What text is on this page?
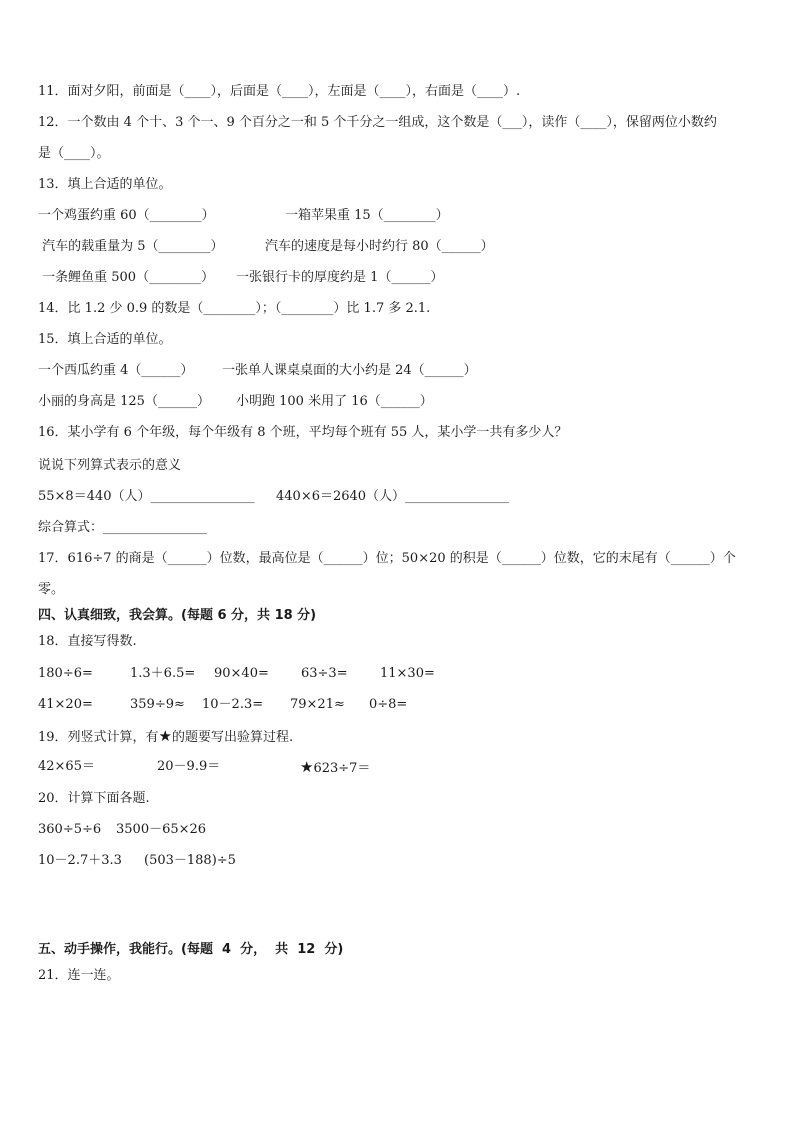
11．面对夕阳，前面是（____），后面是（____），左面是（____），右面是（____）.
12．一个数由 4 个十、3 个一、9 个百分之一和 5 个千分之一组成，这个数是（___），读作（____），保留两位小数约
是（____）。
13．填上合适的单位。
一个鸡蛋约重 60（________）	一箱苹果重 15（________）
汽车的载重量为 5（________）	汽车的速度是每小时约行 80（______）
一条鲤鱼重 500（________） 一张银行卡的厚度约是 1（______）
14．比 1.2 少 0.9 的数是（________）；（________）比 1.7 多 2.1.
15．填上合适的单位。
一个西瓜约重 4（______） 一张单人课桌桌面的大小约是 24（______）
小丽的身高是 125（______） 小明跑 100 米用了 16（______）
16．某小学有 6 个年级，每个年级有 8 个班，平均每个班有 55 人，某小学一共有多少人？
说说下列算式表示的意义
55×8＝440（人）________________ 440×6＝2640（人）________________
综合算式：________________
17．616÷7 的商是（______）位数，最高位是（______）位；50×20 的积是（______）位数，它的末尾有（______）个
零。
四、认真细致，我会算。(每题 6 分，共 18 分)
18．直接写得数.
180÷6=	1.3＋6.5= 90×40= 63÷3= 11×30=
41×20=	359÷9≈ 10－2.3= 79×21≈ 0÷8=
19．列竖式计算，有★的题要写出验算过程.
42×65＝	20－9.9＝	★623÷7＝
20．计算下面各题.
360÷5÷6 3500－65×26
10－2.7＋3.3 (503－188)÷5
五、动手操作，我能行。(每题  4  分，  共  12  分)
21．连一连。
